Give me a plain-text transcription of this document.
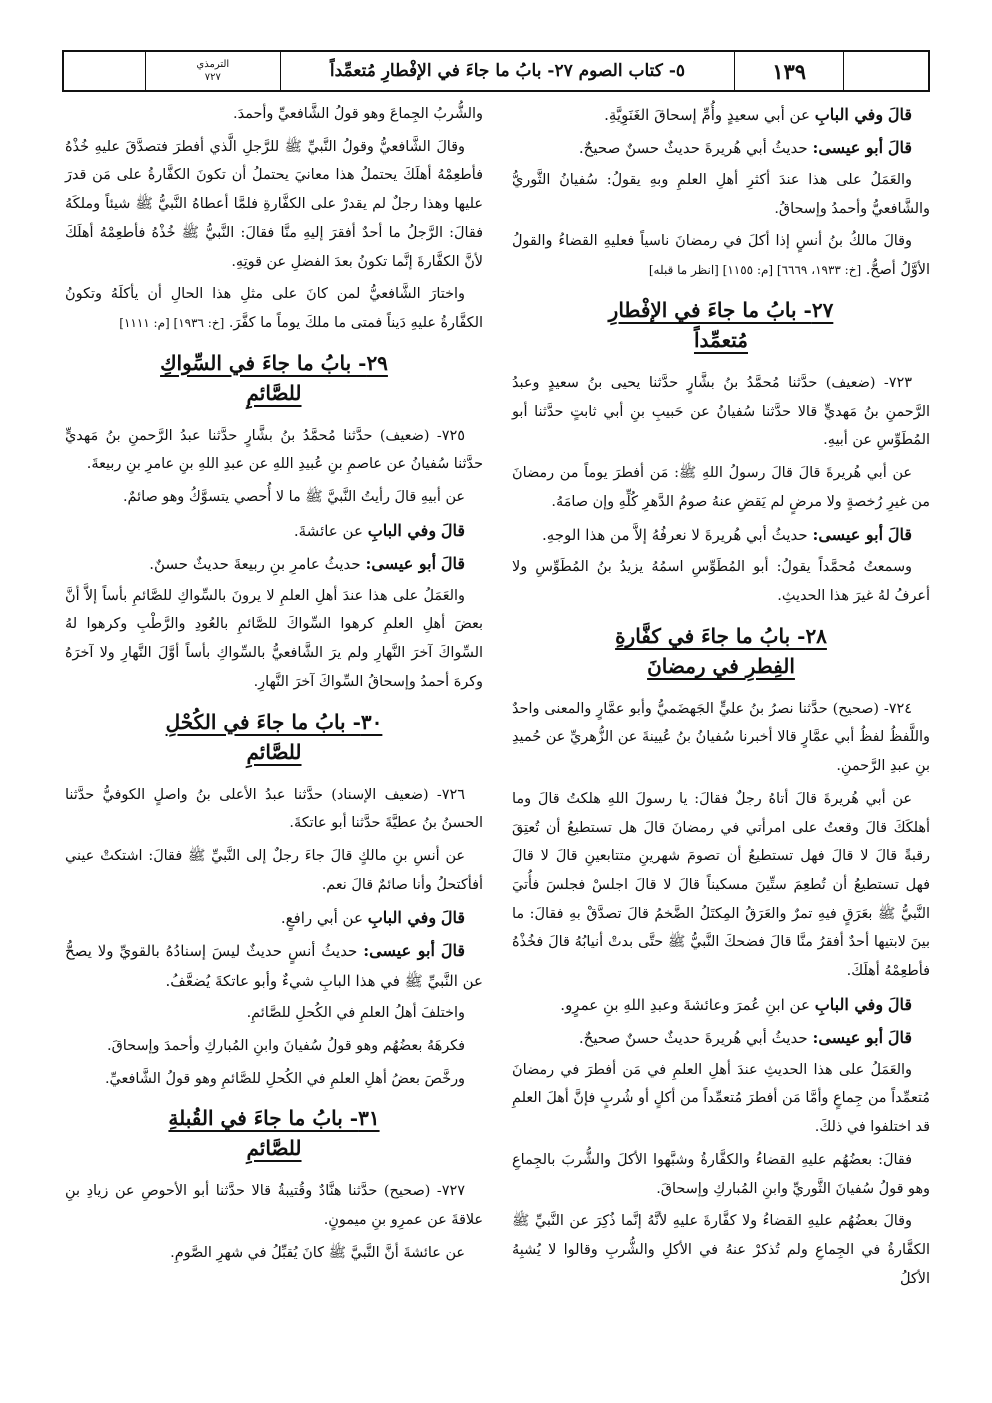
الترمذي
٧٢٧	٥- كتاب الصوم ٢٧- بابُ ما جاءَ في الإفْطارِ مُتعمِّداً	١٣٩

قالَ وفي البابِ عن أبي سعيدٍ وأُمِّ إسحاقَ الغَنَوِيَّةِ.

قالَ أبو عيسى: حديثُ أبي هُريرةَ حديثٌ حسنٌ صحيحٌ.

والعَمَلُ على هذا عندَ أكثرِ أهلِ العلمِ وبهِ يقولُ: سُفيانُ الثَّوريُّ والشَّافعيُّ وأحمدُ وإسحاقُ.

وقالَ مالكُ بنُ أنسٍ إذا أكلَ في رمضانَ ناسياً فعليهِ القضاءُ والقولُ الأوَّلُ أصحُّ. [خ: ١٩٣٣، ٦٦٦٩] [م: ١١٥٥] [انظر ما قبله]

٢٧- بابُ ما جاءَ في الإفْطارِ
مُتعمِّداً

٧٢٣- (ضعيف) حدَّثنا مُحمَّدُ بنُ بشَّارٍ حدَّثنا يحيى بنُ سعيدٍ وعبدُ الرَّحمنِ بنُ مَهديٍّ قالا حدَّثنا سُفيانُ عن حَبيبِ بنِ أبي ثابتٍ حدَّثنا أبو المُطَوِّسِ عن أبيهِ.

عن أبي هُريرةَ قالَ قالَ رسولُ اللهِ ﷺ: مَن أفطرَ يوماً من رمضانَ من غيرِ رُخصةٍ ولا مرضٍ لم يَقضِ عنهُ صومُ الدَّهرِ كُلِّهِ وإن صامَهُ.

قالَ أبو عيسى: حديثُ أبي هُريرةَ لا نعرفُهُ إلاَّ من هذا الوجهِ.

وسمعتُ مُحمَّداً يقولُ: أبو المُطَوِّسِ اسمُهُ يزيدُ بنُ المُطَوِّسِ ولا أعرفُ لهُ غيرَ هذا الحديثِ.

٢٨- بابُ ما جاءَ في كفَّارةِ
الفِطرِ في رمضانَ

٧٢٤- (صحيح) حدَّثنا نصرُ بنُ عليٍّ الجَهضَميُّ وأبو عمَّارٍ والمعنى واحدٌ واللَّفظُ لفظُ أبي عمَّارٍ قالا أخبرنا سُفيانُ بنُ عُيينةَ عن الزُّهريِّ عن حُميدِ بنِ عبدِ الرَّحمنِ.

عن أبي هُريرةَ قالَ أتاهُ رجلٌ فقالَ: يا رسولَ اللهِ هلكتُ قالَ وما أهلكَكَ قالَ وقعتُ على امرأتي في رمضانَ قالَ هل تستطيعُ أن تُعتِقَ رقبةً قالَ لا قالَ فهل تستطيعُ أن تصومَ شهرينِ متتابعينِ قالَ لا قالَ فهل تستطيعُ أن تُطعِمَ ستِّينَ مسكيناً قالَ لا قالَ اجلسْ فجلسَ فأُتيَ النَّبيُّ ﷺ بعَرَقٍ فيهِ تمرٌ والعَرَقُ المِكتَلُ الضَّخمُ قالَ تصدَّقْ بهِ فقالَ: ما بينَ لابتيها أحدٌ أفقرُ منَّا قالَ فضحكَ النَّبيُّ ﷺ حتَّى بدتْ أنيابُهُ قالَ فخُذْهُ فأطعِمْهُ أهلَكَ.

قالَ وفي البابِ عن ابنِ عُمرَ وعائشةَ وعبدِ اللهِ بنِ عمرٍو.

قالَ أبو عيسى: حديثُ أبي هُريرةَ حديثٌ حسنٌ صحيحٌ.

والعَمَلُ على هذا الحديثِ عندَ أهلِ العلمِ في مَن أفطرَ في رمضانَ مُتعمِّداً من جِماعٍ وأمَّا مَن أفطرَ مُتعمِّداً من أكلٍ أو شُربٍ فإنَّ أهلَ العلمِ قد اختلفوا في ذلكَ.

فقالَ: بعضُهُم عليهِ القضاءُ والكفَّارةُ وشبَّهوا الأكلَ والشُّربَ بالجِماعِ وهو قولُ سُفيانَ الثَّوريِّ وابنِ المُباركِ وإسحاقَ.

وقالَ بعضُهُم عليهِ القضاءُ ولا كفَّارةَ عليهِ لأنَّهُ إنَّما ذُكِرَ عن النَّبيِّ ﷺ الكفَّارةُ في الجِماعِ ولم تُذكرْ عنهُ في الأكلِ والشُّربِ وقالوا لا يُشبِهُ الأكلُ

والشُّربُ الجِماعَ وهو قولُ الشَّافعيِّ وأحمدَ.

وقالَ الشَّافعيُّ وقولُ النَّبيِّ ﷺ للرَّجلِ الَّذي أفطرَ فتصدَّقَ عليهِ خُذْهُ فأطعِمْهُ أهلَكَ يحتملُ هذا معانيَ يحتملُ أن تكونَ الكفَّارةُ على مَن قدرَ عليها وهذا رجلٌ لم يقدرْ على الكفَّارةِ فلمَّا أعطاهُ النَّبيُّ ﷺ شيئاً وملكَهُ فقالَ: الرَّجلُ ما أحدٌ أفقرَ إليهِ منَّا فقالَ: النَّبيُّ ﷺ خُذْهُ فأطعِمْهُ أهلَكَ لأنَّ الكفَّارةَ إنَّما تكونُ بعدَ الفضلِ عن قوتِهِ.

واختارَ الشَّافعيُّ لمن كانَ على مثلِ هذا الحالِ أن يأكلَهُ وتكونُ الكفَّارةُ عليهِ دَيناً فمتى ما ملكَ يوماً ما كفَّرَ. [خ: ١٩٣٦] [م: ١١١١]

٢٩- بابُ ما جاءَ في السِّواكِ
للصَّائمِ

٧٢٥- (ضعيف) حدَّثنا مُحمَّدُ بنُ بشَّارٍ حدَّثنا عبدُ الرَّحمنِ بنُ مَهديٍّ حدَّثنا سُفيانُ عن عاصمِ بنِ عُبيدِ اللهِ عن عبدِ اللهِ بنِ عامرِ بنِ ربيعةَ.

عن أبيهِ قالَ رأيتُ النَّبيَّ ﷺ ما لا أُحصي يتسوَّكُ وهو صائمٌ.

قالَ وفي البابِ عن عائشةَ.

قالَ أبو عيسى: حديثُ عامرِ بنِ ربيعةَ حديثٌ حسنٌ.

والعَمَلُ على هذا عندَ أهلِ العلمِ لا يرونَ بالسِّواكِ للصَّائمِ بأساً إلاَّ أنَّ بعضَ أهلِ العلمِ كرهوا السِّواكَ للصَّائمِ بالعُودِ والرَّطْبِ وكرهوا لهُ السِّواكَ آخرَ النَّهارِ ولم يرَ الشَّافعيُّ بالسِّواكِ بأساً أوَّلَ النَّهارِ ولا آخرَهُ وكرهَ أحمدُ وإسحاقُ السِّواكَ آخرَ النَّهارِ.

٣٠- بابُ ما جاءَ في الكُحْلِ
للصَّائمِ

٧٢٦- (ضعيف الإسناد) حدَّثنا عبدُ الأعلى بنُ واصلٍ الكوفيُّ حدَّثنا الحسنُ بنُ عطيَّةَ حدَّثنا أبو عاتكةَ.

عن أنسِ بنِ مالكٍ قالَ جاءَ رجلٌ إلى النَّبيِّ ﷺ فقالَ: اشتكتْ عيني أفأكتحلُ وأنا صائمٌ قالَ نعم.

قالَ وفي البابِ عن أبي رافعٍ.

قالَ أبو عيسى: حديثُ أنسٍ حديثٌ ليسَ إسنادُهُ بالقويِّ ولا يصحُّ عن النَّبيِّ ﷺ في هذا البابِ شيءٌ وأبو عاتكةَ يُضعَّفُ.

واختلفَ أهلُ العلمِ في الكُحلِ للصَّائمِ.

فكرهَهُ بعضُهُم وهو قولُ سُفيانَ وابنِ المُباركِ وأحمدَ وإسحاقَ.

ورخَّصَ بعضُ أهلِ العلمِ في الكُحلِ للصَّائمِ وهو قولُ الشَّافعيِّ.

٣١- بابُ ما جاءَ في القُبلةِ
للصَّائمِ

٧٢٧- (صحيح) حدَّثنا هنَّادٌ وقُتيبةُ قالا حدَّثنا أبو الأحوصِ عن زيادِ بنِ علاقةَ عن عمرِو بنِ ميمونٍ.

عن عائشةَ أنَّ النَّبيَّ ﷺ كانَ يُقبِّلُ في شهرِ الصَّومِ.
